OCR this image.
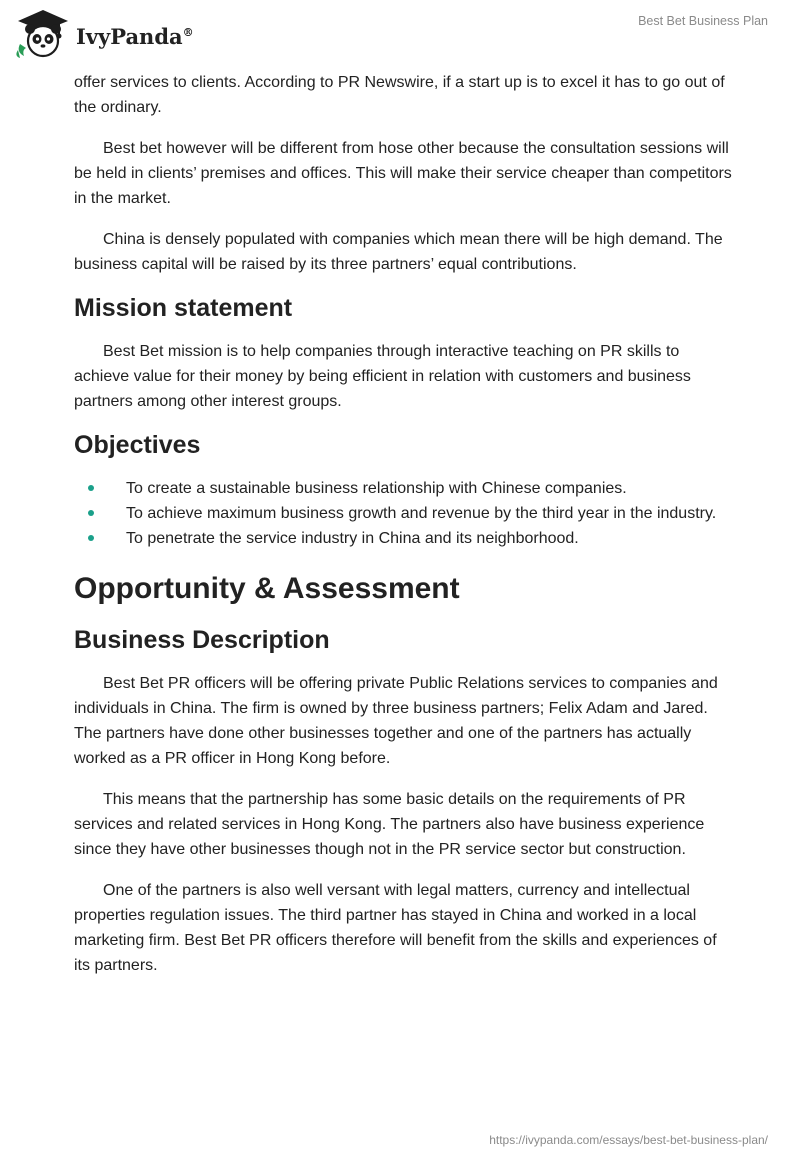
IvyPanda®
Best Bet Business Plan

offer services to clients. According to PR Newswire, if a start up is to excel it has to go out of the ordinary.

Best bet however will be different from hose other because the consultation sessions will be held in clients’ premises and offices. This will make their service cheaper than competitors in the market.

China is densely populated with companies which mean there will be high demand. The business capital will be raised by its three partners’ equal contributions.

Mission statement

Best Bet mission is to help companies through interactive teaching on PR skills to achieve value for their money by being efficient in relation with customers and business partners among other interest groups.

Objectives
To create a sustainable business relationship with Chinese companies.
To achieve maximum business growth and revenue by the third year in the industry.
To penetrate the service industry in China and its neighborhood.
Opportunity & Assessment
Business Description

Best Bet PR officers will be offering private Public Relations services to companies and individuals in China. The firm is owned by three business partners; Felix Adam and Jared. The partners have done other businesses together and one of the partners has actually worked as a PR officer in Hong Kong before.

This means that the partnership has some basic details on the requirements of PR services and related services in Hong Kong. The partners also have business experience since they have other businesses though not in the PR service sector but construction.

One of the partners is also well versant with legal matters, currency and intellectual properties regulation issues. The third partner has stayed in China and worked in a local marketing firm. Best Bet PR officers therefore will benefit from the skills and experiences of its partners.

https://ivypanda.com/essays/best-bet-business-plan/
